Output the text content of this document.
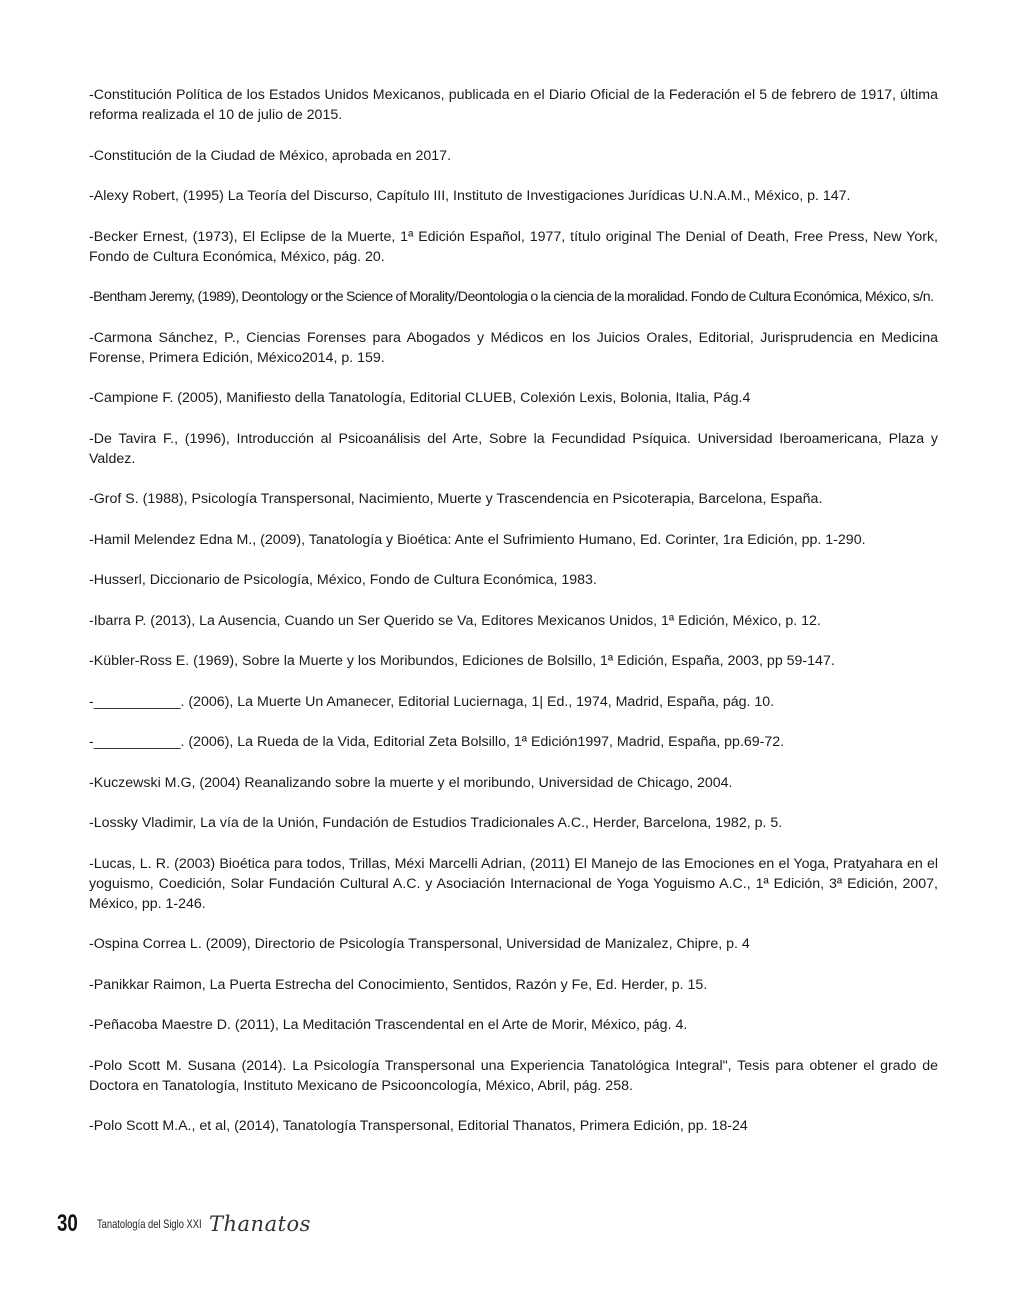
-Constitución Política de los Estados Unidos Mexicanos, publicada en el Diario Oficial de la Federación el 5 de febrero de 1917, última reforma realizada el 10 de julio de 2015.

-Constitución de la Ciudad de México, aprobada en 2017.

-Alexy Robert, (1995) La Teoría del Discurso, Capítulo III, Instituto de Investigaciones Jurídicas U.N.A.M., México, p. 147.

-Becker Ernest, (1973), El Eclipse de la Muerte, 1ª Edición Español, 1977, título original The Denial of Death, Free Press, New York, Fondo de Cultura Económica, México, pág. 20.

-Bentham Jeremy, (1989), Deontology or the Science of Morality/Deontologia o la ciencia de la moralidad. Fondo de Cultura Económica, México, s/n.

-Carmona Sánchez, P., Ciencias Forenses para Abogados y Médicos en los Juicios Orales, Editorial, Jurisprudencia en Medicina Forense, Primera Edición, México2014, p. 159.

-Campione F. (2005), Manifiesto della Tanatología, Editorial CLUEB, Colexión Lexis, Bolonia, Italia, Pág.4

-De Tavira F., (1996), Introducción al Psicoanálisis del Arte, Sobre la Fecundidad Psíquica. Universidad Iberoamericana, Plaza y Valdez.

-Grof S. (1988), Psicología Transpersonal, Nacimiento, Muerte y Trascendencia en Psicoterapia, Barcelona, España.

-Hamil Melendez Edna M., (2009), Tanatología y Bioética: Ante el Sufrimiento Humano, Ed. Corinter, 1ra Edición, pp. 1-290.

-Husserl, Diccionario de Psicología, México, Fondo de Cultura Económica, 1983.

-Ibarra P. (2013), La Ausencia, Cuando un Ser Querido se Va, Editores Mexicanos Unidos, 1ª Edición, México, p. 12.

-Kübler-Ross E. (1969), Sobre la Muerte y los Moribundos, Ediciones de Bolsillo, 1ª Edición, España, 2003, pp 59-147.

-___________. (2006), La Muerte Un Amanecer, Editorial Luciernaga, 1| Ed., 1974, Madrid, España, pág. 10.

-___________. (2006), La Rueda de la Vida, Editorial Zeta Bolsillo, 1ª Edición1997, Madrid, España, pp.69-72.

-Kuczewski M.G, (2004) Reanalizando sobre la muerte y el moribundo, Universidad de Chicago, 2004.

-Lossky Vladimir, La vía de la Unión, Fundación de Estudios Tradicionales A.C., Herder, Barcelona, 1982, p. 5.

-Lucas, L. R. (2003) Bioética para todos, Trillas, Méxi Marcelli Adrian, (2011) El Manejo de las Emociones en el Yoga, Pratyahara en el yoguismo, Coedición, Solar Fundación Cultural A.C. y Asociación Internacional de Yoga Yoguismo A.C., 1ª Edición, 3ª Edición, 2007, México, pp. 1-246.

-Ospina Correa L. (2009), Directorio de Psicología Transpersonal, Universidad de Manizalez, Chipre, p. 4

-Panikkar Raimon, La Puerta Estrecha del Conocimiento, Sentidos, Razón y Fe, Ed. Herder, p. 15.

-Peñacoba Maestre D. (2011), La Meditación Trascendental en el Arte de Morir, México, pág. 4.

-Polo Scott M. Susana (2014). La Psicología Transpersonal una Experiencia Tanatológica Integral", Tesis para obtener el grado de Doctora en Tanatología, Instituto Mexicano de Psicooncología, México, Abril, pág. 258.

-Polo Scott M.A., et al, (2014), Tanatología Transpersonal, Editorial Thanatos, Primera Edición, pp. 18-24

30 Tanatología del Siglo XXI Thanatos
